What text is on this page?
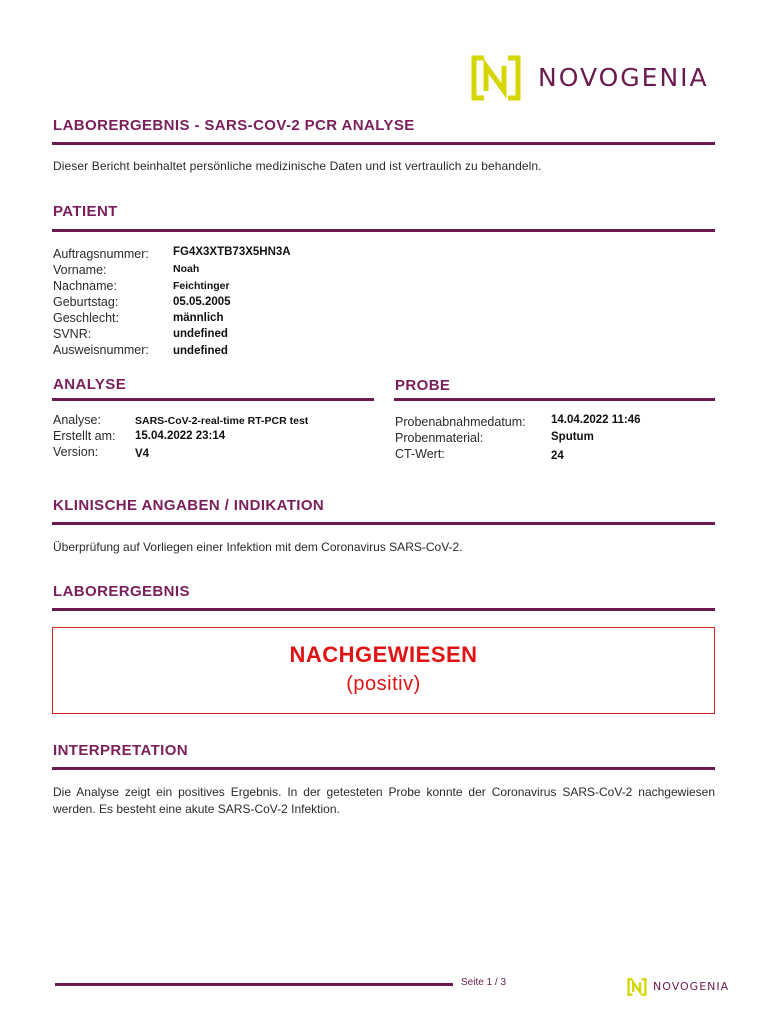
NOVOGENIA
LABORERGEBNIS - SARS-COV-2 PCR ANALYSE
Dieser Bericht beinhaltet persönliche medizinische Daten und ist vertraulich zu behandeln.
PATIENT
Auftragsnummer:
Vorname:
Nachname:
Geburtstag:
Geschlecht:
SVNR:
Ausweisnummer:
FG4X3XTB73X5HN3A
Noah
Feichtinger
05.05.2005
männlich
undefined
undefined
ANALYSE
Analyse:
Erstellt am:
Version:
SARS-CoV-2-real-time RT-PCR test
15.04.2022 23:14
V4
PROBE
Probenabnahmedatum:
Probenmaterial:
CT-Wert:
14.04.2022 11:46
Sputum
24
KLINISCHE ANGABEN / INDIKATION
Überprüfung auf Vorliegen einer Infektion mit dem Coronavirus SARS-CoV-2.
LABORERGEBNIS
NACHGEWIESEN
(positiv)
INTERPRETATION
Die Analyse zeigt ein positives Ergebnis. In der getesteten Probe konnte der Coronavirus SARS-CoV-2 nachgewiesen werden. Es besteht eine akute SARS-CoV-2 Infektion.
Seite 1 / 3	NOVOGENIA
